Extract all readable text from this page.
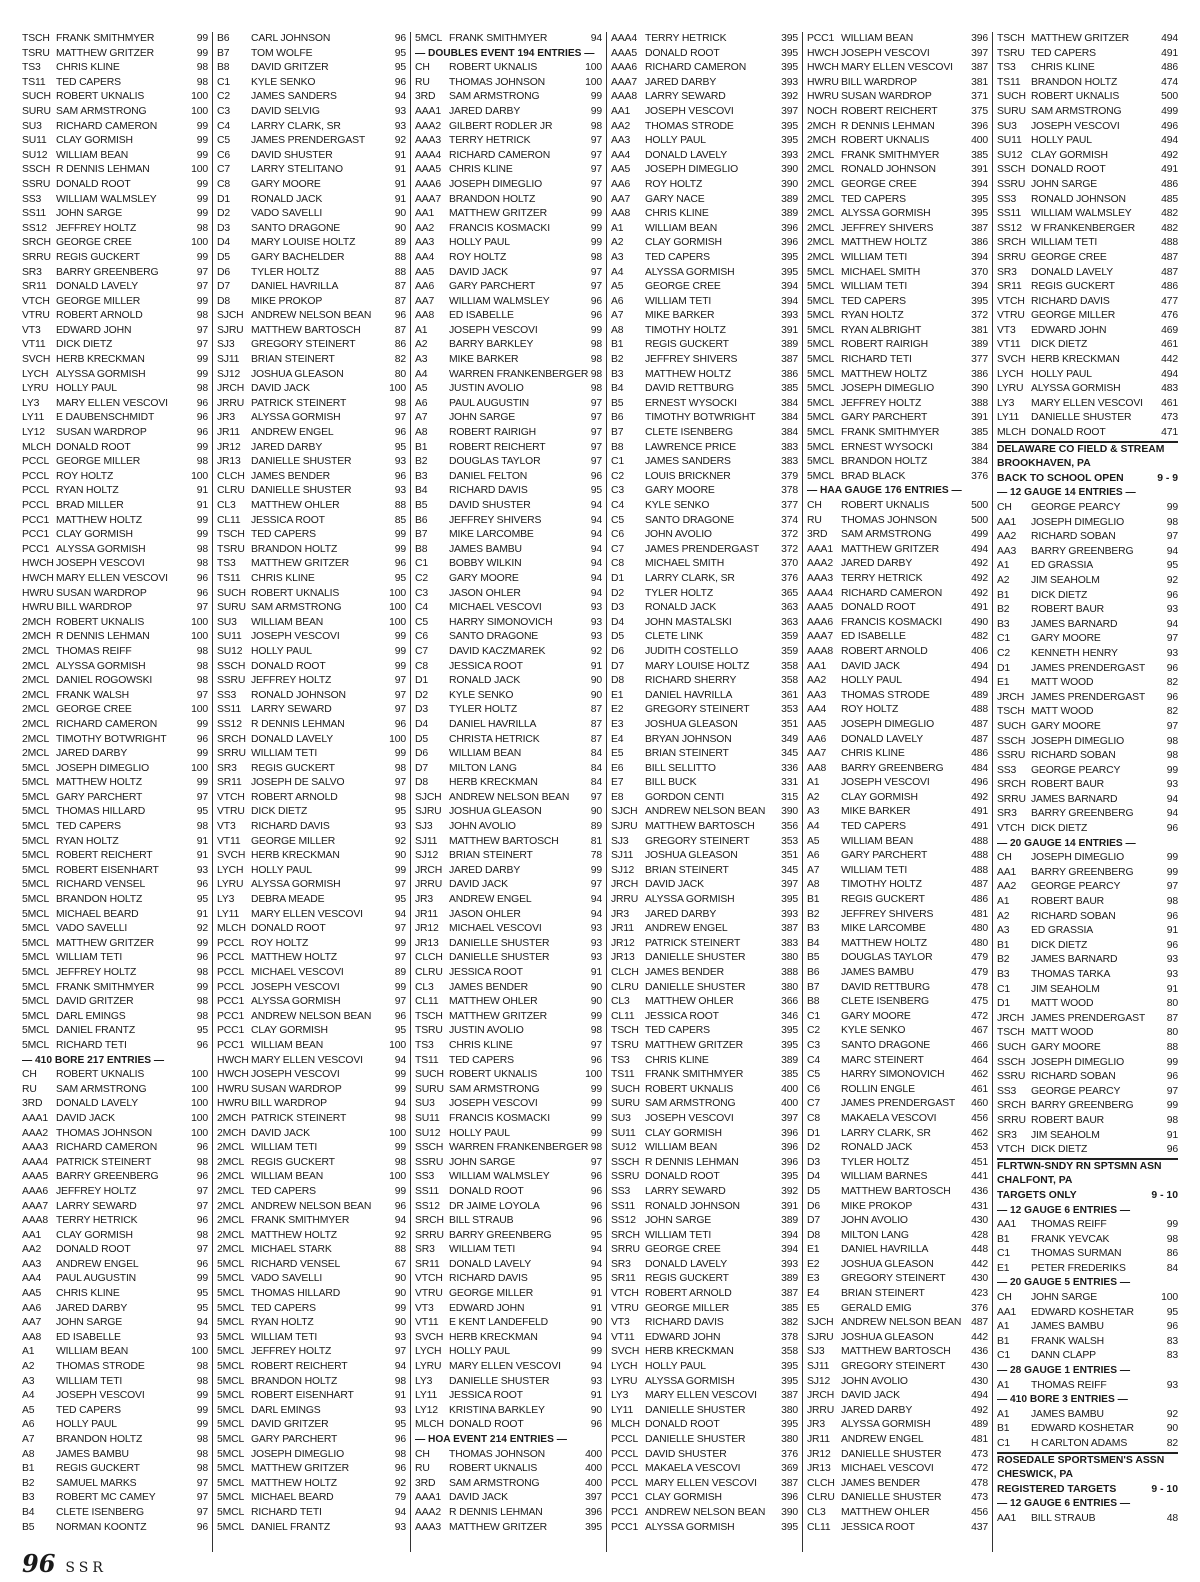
TSCH FRANK SMITHMYER	99
TSRU MATTHEW GRITZER	99
TS3	CHRIS KLINE	98
TS11	TED CAPERS	98
SUCH ROBERT UKNALIS	100
SURU SAM ARMSTRONG	100
SU3	RICHARD CAMERON	99
SU11 CLAY GORMISH	99
SU12 WILLIAM BEAN	99
SSCH R DENNIS LEHMAN	100
SSRU DONALD ROOT	99
SS3	WILLIAM WALMSLEY	99
SS11 JOHN SARGE	99
SS12 JEFFREY HOLTZ	98
SRCH GEORGE CREE	100
SRRU REGIS GUCKERT	99
SR3	BARRY GREENBERG	97
SR11 DONALD LAVELY	97
VTCH GEORGE MILLER	99
VTRU ROBERT ARNOLD	98
VT3	EDWARD JOHN	97
VT11	DICK DIETZ	97
SVCH HERB KRECKMAN	99
LYCH ALYSSA GORMISH	99
LYRU HOLLY PAUL	98
LY3	MARY ELLEN VESCOVI	96
LY11	E DAUBENSCHMIDT	96
LY12	SUSAN WARDROP	96
MLCH DONALD ROOT	99
PCCL GEORGE MILLER	98
PCCL ROY HOLTZ	100
PCCL RYAN HOLTZ	91
PCCL BRAD MILLER	91
PCC1 MATTHEW HOLTZ	99
PCC1 CLAY GORMISH	99
PCC1 ALYSSA GORMISH	98
HWCH JOSEPH VESCOVI	98
HWCH MARY ELLEN VESCOVI	96
HWRU SUSAN WARDROP	96
HWRU BILL WARDROP	97
2MCH ROBERT UKNALIS	100
2MCH R DENNIS LEHMAN	100
2MCL THOMAS REIFF	98
2MCL ALYSSA GORMISH	98
2MCL DANIEL ROGOWSKI	98
2MCL FRANK WALSH	97
2MCL GEORGE CREE	100
2MCL RICHARD CAMERON	99
2MCL TIMOTHY BOTWRIGHT	96
2MCL JARED DARBY	99
5MCL JOSEPH DIMEGLIO	100
5MCL MATTHEW HOLTZ	99
5MCL GARY PARCHERT	97
5MCL THOMAS HILLARD	95
5MCL TED CAPERS	98
5MCL RYAN HOLTZ	91
5MCL ROBERT REICHERT	91
5MCL ROBERT EISENHART	93
5MCL RICHARD VENSEL	96
5MCL BRANDON HOLTZ	95
5MCL MICHAEL BEARD	91
5MCL VADO SAVELLI	92
5MCL MATTHEW GRITZER	99
5MCL WILLIAM TETI	96
5MCL JEFFREY HOLTZ	98
5MCL FRANK SMITHMYER	99
5MCL DAVID GRITZER	98
5MCL DARL EMINGS	98
5MCL DANIEL FRANTZ	95
5MCL RICHARD TETI	96
— 410 BORE 217 ENTRIES —
CH	ROBERT UKNALIS	100
RU	SAM ARMSTRONG	100
3RD	DONALD LAVELY	100
AAA1 DAVID JACK	100
AAA2 THOMAS JOHNSON	100
AAA3 RICHARD CAMERON	96
AAA4 PATRICK STEINERT	98
AAA5 BARRY GREENBERG	96
AAA6 JEFFREY HOLTZ	97
AAA7 LARRY SEWARD	97
AAA8 TERRY HETRICK	96
AA1	CLAY GORMISH	98
AA2	DONALD ROOT	97
AA3	ANDREW ENGEL	96
AA4	PAUL AUGUSTIN	99
AA5	CHRIS KLINE	95
AA6	JARED DARBY	95
AA7	JOHN SARGE	94
AA8	ED ISABELLE	93
A1	WILLIAM BEAN	100
A2	THOMAS STRODE	98
A3	WILLIAM TETI	98
A4	JOSEPH VESCOVI	99
A5	TED CAPERS	99
A6	HOLLY PAUL	99
A7	BRANDON HOLTZ	98
A8	JAMES BAMBU	98
B1	REGIS GUCKERT	98
B2	SAMUEL MARKS	97
B3	ROBERT MC CAMEY	97
B4	CLETE ISENBERG	97
B5	NORMAN KOONTZ	96
B6	CARL JOHNSON	96
B7	TOM WOLFE	95
B8	DAVID GRITZER	95
C1	KYLE SENKO	96
C2	JAMES SANDERS	94
C3	DAVID SELVIG	93
C4	LARRY CLARK, SR	93
C5	JAMES PRENDERGAST	92
C6	DAVID SHUSTER	91
C7	LARRY STELITANO	91
C8	GARY MOORE	91
D1	RONALD JACK	91
D2	VADO SAVELLI	90
D3	SANTO DRAGONE	90
D4	MARY LOUISE HOLTZ	89
D5	GARY BACHELDER	88
D6	TYLER HOLTZ	88
D7	DANIEL HAVRILLA	87
D8	MIKE PROKOP	87
SJCH ANDREW NELSON BEAN	96
SJRU MATTHEW BARTOSCH	87
SJ3	GREGORY STEINERT	86
SJ11	BRIAN STEINERT	82
SJ12	JOSHUA GLEASON	80
JRCH DAVID JACK	100
JRRU PATRICK STEINERT	98
JR3	ALYSSA GORMISH	97
JR11	ANDREW ENGEL	96
JR12 JARED DARBY	95
JR13 DANIELLE SHUSTER	93
CLCH JAMES BENDER	96
CLRU DANIELLE SHUSTER	93
CL3	MATTHEW OHLER	88
CL11	JESSICA ROOT	85
TSCH TED CAPERS	99
TSRU BRANDON HOLTZ	99
TS3	MATTHEW GRITZER	96
TS11	CHRIS KLINE	95
SUCH ROBERT UKNALIS	100
SURU SAM ARMSTRONG	100
SU3	WILLIAM BEAN	100
SU11 JOSEPH VESCOVI	99
SU12 HOLLY PAUL	99
SSCH DONALD ROOT	99
SSRU JEFFREY HOLTZ	97
SS3	RONALD JOHNSON	97
SS11 LARRY SEWARD	97
SS12 R DENNIS LEHMAN	96
SRCH DONALD LAVELY	100
SRRU WILLIAM TETI	99
SR3	REGIS GUCKERT	98
SR11 JOSEPH DE SALVO	97
VTCH ROBERT ARNOLD	98
VTRU DICK DIETZ	95
VT3	RICHARD DAVIS	93
VT11	GEORGE MILLER	92
SVCH HERB KRECKMAN	90
LYCH HOLLY PAUL	99
LYRU ALYSSA GORMISH	97
LY3	DEBRA MEADE	95
LY11	MARY ELLEN VESCOVI	94
MLCH DONALD ROOT	97
PCCL ROY HOLTZ	99
PCCL MATTHEW HOLTZ	97
PCCL MICHAEL VESCOVI	89
PCCL JOSEPH VESCOVI	99
PCC1 ALYSSA GORMISH	97
PCC1 ANDREW NELSON BEAN	96
PCC1 CLAY GORMISH	95
PCC1 WILLIAM BEAN	100
HWCH MARY ELLEN VESCOVI	94
HWCH JOSEPH VESCOVI	99
HWRU SUSAN WARDROP	99
HWRU BILL WARDROP	94
2MCH PATRICK STEINERT	98
2MCH DAVID JACK	100
2MCL WILLIAM TETI	99
2MCL REGIS GUCKERT	98
2MCL WILLIAM BEAN	100
2MCL TED CAPERS	99
2MCL ANDREW NELSON BEAN	96
2MCL FRANK SMITHMYER	94
2MCL MATTHEW HOLTZ	92
2MCL MICHAEL STARK	88
5MCL RICHARD VENSEL	67
5MCL VADO SAVELLI	90
5MCL THOMAS HILLARD	90
5MCL TED CAPERS	99
5MCL RYAN HOLTZ	90
5MCL WILLIAM TETI	93
5MCL JEFFREY HOLTZ	97
5MCL ROBERT REICHERT	94
5MCL BRANDON HOLTZ	98
5MCL ROBERT EISENHART	91
5MCL DARL EMINGS	93
5MCL DAVID GRITZER	95
5MCL GARY PARCHERT	96
5MCL JOSEPH DIMEGLIO	98
5MCL MATTHEW GRITZER	96
5MCL MATTHEW HOLTZ	92
5MCL MICHAEL BEARD	79
5MCL RICHARD TETI	94
5MCL DANIEL FRANTZ	93
5MCL FRANK SMITHMYER	94
— DOUBLES EVENT 194 ENTRIES —
CH	ROBERT UKNALIS	100
RU	THOMAS JOHNSON	100
3RD	SAM ARMSTRONG	99
AAA1 JARED DARBY	99
AAA2 GILBERT RODLER JR	98
AAA3 TERRY HETRICK	97
AAA4 RICHARD CAMERON	97
AAA5 CHRIS KLINE	97
AAA6 JOSEPH DIMEGLIO	97
AAA7 BRANDON HOLTZ	90
AA1	MATTHEW GRITZER	99
AA2	FRANCIS KOSMACKI	99
AA3	HOLLY PAUL	99
AA4	ROY HOLTZ	98
AA5	DAVID JACK	97
AA6	GARY PARCHERT	97
AA7	WILLIAM WALMSLEY	96
AA8	ED ISABELLE	96
A1	JOSEPH VESCOVI	99
A2	BARRY BARKLEY	98
A3	MIKE BARKER	98
A4	WARREN FRANKENBERGER 98
A5	JUSTIN AVOLIO	98
A6	PAUL AUGUSTIN	97
A7	JOHN SARGE	97
A8	ROBERT RAIRIGH	97
B1	ROBERT REICHERT	97
B2	DOUGLAS TAYLOR	97
B3	DANIEL FELTON	96
B4	RICHARD DAVIS	95
B5	DAVID SHUSTER	94
B6	JEFFREY SHIVERS	94
B7	MIKE LARCOMBE	94
B8	JAMES BAMBU	94
C1	BOBBY WILKIN	94
C2	GARY MOORE	94
C3	JASON OHLER	94
C4	MICHAEL VESCOVI	93
C5	HARRY SIMONOVICH	93
C6	SANTO DRAGONE	93
C7	DAVID KACZMAREK	92
C8	JESSICA ROOT	91
D1	RONALD JACK	90
D2	KYLE SENKO	90
D3	TYLER HOLTZ	87
D4	DANIEL HAVRILLA	87
D5	CHRISTA HETRICK	87
D6	WILLIAM BEAN	84
D7	MILTON LANG	84
D8	HERB KRECKMAN	84
SJCH ANDREW NELSON BEAN	97
SJRU JOSHUA GLEASON	90
SJ3	JOHN AVOLIO	89
SJ11	MATTHEW BARTOSCH	81
SJ12	BRIAN STEINERT	78
JRCH JARED DARBY	99
JRRU DAVID JACK	97
JR3	ANDREW ENGEL	94
JR11	JASON OHLER	94
JR12 MICHAEL VESCOVI	93
JR13 DANIELLE SHUSTER	93
CLCH DANIELLE SHUSTER	93
CLRU JESSICA ROOT	91
CL3	JAMES BENDER	90
CL11	MATTHEW OHLER	90
TSCH MATTHEW GRITZER	99
TSRU JUSTIN AVOLIO	98
TS3	CHRIS KLINE	97
TS11	TED CAPERS	96
SUCH ROBERT UKNALIS	100
SURU SAM ARMSTRONG	99
SU3	JOSEPH VESCOVI	99
SU11 FRANCIS KOSMACKI	99
SU12 HOLLY PAUL	99
SSCH WARREN FRANKENBERGER 98
SSRU JOHN SARGE	97
SS3	WILLIAM WALMSLEY	96
SS11 DONALD ROOT	96
SS12 DR JAIME LOYOLA	96
SRCH BILL STRAUB	96
SRRU BARRY GREENBERG	95
SR3	WILLIAM TETI	94
SR11 DONALD LAVELY	94
VTCH RICHARD DAVIS	95
VTRU GEORGE MILLER	91
VT3	EDWARD JOHN	91
VT11	E KENT LANDEFELD	90
SVCH HERB KRECKMAN	94
LYCH HOLLY PAUL	99
LYRU MARY ELLEN VESCOVI	94
LY3	DANIELLE SHUSTER	93
LY11	JESSICA ROOT	91
LY12	KRISTINA BARKLEY	90
MLCH DONALD ROOT	96
— HOA EVENT 214 ENTRIES —
CH	THOMAS JOHNSON	400
RU	ROBERT UKNALIS	400
3RD	SAM ARMSTRONG	400
AAA1 DAVID JACK	397
AAA2 R DENNIS LEHMAN	396
AAA3 MATTHEW GRITZER	395
AAA4 TERRY HETRICK	395
AAA5 DONALD ROOT	395
AAA6 RICHARD CAMERON	395
AAA7 JARED DARBY	393
AAA8 LARRY SEWARD	392
AA1	JOSEPH VESCOVI	397
AA2	THOMAS STRODE	395
AA3	HOLLY PAUL	395
AA4	DONALD LAVELY	393
AA5	JOSEPH DIMEGLIO	390
AA6	ROY HOLTZ	390
AA7	GARY NACE	389
AA8	CHRIS KLINE	389
A1	WILLIAM BEAN	396
A2	CLAY GORMISH	396
A3	TED CAPERS	395
A4	ALYSSA GORMISH	395
A5	GEORGE CREE	394
A6	WILLIAM TETI	394
A7	MIKE BARKER	393
A8	TIMOTHY HOLTZ	391
B1	REGIS GUCKERT	389
B2	JEFFREY SHIVERS	387
B3	MATTHEW HOLTZ	386
B4	DAVID RETTBURG	385
B5	ERNEST WYSOCKI	384
B6	TIMOTHY BOTWRIGHT	384
B7	CLETE ISENBERG	384
B8	LAWRENCE PRICE	383
C1	JAMES SANDERS	383
C2	LOUIS BRICKNER	379
C3	GARY MOORE	378
C4	KYLE SENKO	377
C5	SANTO DRAGONE	374
C6	JOHN AVOLIO	372
C7	JAMES PRENDERGAST	372
C8	MICHAEL SMITH	370
D1	LARRY CLARK, SR	376
D2	TYLER HOLTZ	365
D3	RONALD JACK	363
D4	JOHN MASTALSKI	363
D5	CLETE LINK	359
D6	JUDITH COSTELLO	359
D7	MARY LOUISE HOLTZ	358
D8	RICHARD SHERRY	358
E1	DANIEL HAVRILLA	361
E2	GREGORY STEINERT	353
E3	JOSHUA GLEASON	351
E4	BRYAN JOHNSON	349
E5	BRIAN STEINERT	345
E6	BILL SELLITTO	336
E7	BILL BUCK	331
E8	GORDON CENTI	315
SJCH ANDREW NELSON BEAN	390
SJRU MATTHEW BARTOSCH	356
SJ3	GREGORY STEINERT	353
SJ11	JOSHUA GLEASON	351
SJ12	BRIAN STEINERT	345
JRCH DAVID JACK	397
JRRU ALYSSA GORMISH	395
JR3	JARED DARBY	393
JR11	ANDREW ENGEL	387
JR12 PATRICK STEINERT	383
JR13 DANIELLE SHUSTER	380
CLCH JAMES BENDER	388
CLRU DANIELLE SHUSTER	380
CL3	MATTHEW OHLER	366
CL11	JESSICA ROOT	346
TSCH TED CAPERS	395
TSRU MATTHEW GRITZER	395
TS3	CHRIS KLINE	389
TS11	FRANK SMITHMYER	385
SUCH ROBERT UKNALIS	400
SURU SAM ARMSTRONG	400
SU3	JOSEPH VESCOVI	397
SU11 CLAY GORMISH	396
SU12 WILLIAM BEAN	396
SSCH R DENNIS LEHMAN	396
SSRU DONALD ROOT	395
SS3	LARRY SEWARD	392
SS11 RONALD JOHNSON	391
SS12 JOHN SARGE	389
SRCH WILLIAM TETI	394
SRRU GEORGE CREE	394
SR3	DONALD LAVELY	393
SR11 REGIS GUCKERT	389
VTCH ROBERT ARNOLD	387
VTRU GEORGE MILLER	385
VT3	RICHARD DAVIS	382
VT11	EDWARD JOHN	378
SVCH HERB KRECKMAN	358
LYCH HOLLY PAUL	395
LYRU ALYSSA GORMISH	395
LY3	MARY ELLEN VESCOVI	387
LY11	DANIELLE SHUSTER	380
MLCH DONALD ROOT	395
PCCL DANIELLE SHUSTER	380
PCCL DAVID SHUSTER	376
PCCL MAKAELA VESCOVI	369
PCCL MARY ELLEN VESCOVI	387
PCC1 CLAY GORMISH	396
PCC1 ANDREW NELSON BEAN	390
PCC1 ALYSSA GORMISH	395
PCC1 WILLIAM BEAN	396
HWCH JOSEPH VESCOVI	397
HWCH MARY ELLEN VESCOVI	387
HWRU BILL WARDROP	381
HWRU SUSAN WARDROP	371
NOCH ROBERT REICHERT	375
2MCH R DENNIS LEHMAN	396
2MCH ROBERT UKNALIS	400
2MCL FRANK SMITHMYER	385
2MCL RONALD JOHNSON	391
2MCL GEORGE CREE	394
2MCL TED CAPERS	395
2MCL ALYSSA GORMISH	395
2MCL JEFFREY SHIVERS	387
2MCL MATTHEW HOLTZ	386
2MCL WILLIAM TETI	394
5MCL MICHAEL SMITH	370
5MCL WILLIAM TETI	394
5MCL TED CAPERS	395
5MCL RYAN HOLTZ	372
5MCL RYAN ALBRIGHT	381
5MCL ROBERT RAIRIGH	389
5MCL RICHARD TETI	377
5MCL MATTHEW HOLTZ	386
5MCL JOSEPH DIMEGLIO	390
5MCL JEFFREY HOLTZ	388
5MCL GARY PARCHERT	391
5MCL FRANK SMITHMYER	385
5MCL ERNEST WYSOCKI	384
5MCL BRANDON HOLTZ	384
5MCL BRAD BLACK	376
— HAA GAUGE 176 ENTRIES —
CH	ROBERT UKNALIS	500
RU	THOMAS JOHNSON	500
3RD	SAM ARMSTRONG	499
AAA1 MATTHEW GRITZER	494
AAA2 JARED DARBY	492
AAA3 TERRY HETRICK	492
AAA4 RICHARD CAMERON	492
AAA5 DONALD ROOT	491
AAA6 FRANCIS KOSMACKI	490
AAA7 ED ISABELLE	482
AAA8 ROBERT ARNOLD	406
AA1	DAVID JACK	494
AA2	HOLLY PAUL	494
AA3	THOMAS STRODE	489
AA4	ROY HOLTZ	488
AA5	JOSEPH DIMEGLIO	487
AA6	DONALD LAVELY	487
AA7	CHRIS KLINE	486
AA8	BARRY GREENBERG	484
A1	JOSEPH VESCOVI	496
A2	CLAY GORMISH	492
A3	MIKE BARKER	491
A4	TED CAPERS	491
A5	WILLIAM BEAN	488
A6	GARY PARCHERT	488
A7	WILLIAM TETI	488
A8	TIMOTHY HOLTZ	487
B1	REGIS GUCKERT	486
B2	JEFFREY SHIVERS	481
B3	MIKE LARCOMBE	480
B4	MATTHEW HOLTZ	480
B5	DOUGLAS TAYLOR	479
B6	JAMES BAMBU	479
B7	DAVID RETTBURG	478
B8	CLETE ISENBERG	475
C1	GARY MOORE	472
C2	KYLE SENKO	467
C3	SANTO DRAGONE	466
C4	MARC STEINERT	464
C5	HARRY SIMONOVICH	462
C6	ROLLIN ENGLE	461
C7	JAMES PRENDERGAST	460
C8	MAKAELA VESCOVI	456
D1	LARRY CLARK, SR	462
D2	RONALD JACK	453
D3	TYLER HOLTZ	451
D4	WILLIAM BARNES	441
D5	MATTHEW BARTOSCH	436
D6	MIKE PROKOP	431
D7	JOHN AVOLIO	430
D8	MILTON LANG	428
E1	DANIEL HAVRILLA	448
E2	JOSHUA GLEASON	442
E3	GREGORY STEINERT	430
E4	BRIAN STEINERT	423
E5	GERALD EMIG	376
SJCH ANDREW NELSON BEAN 487
SJRU JOSHUA GLEASON	442
SJ3	MATTHEW BARTOSCH	436
SJ11	GREGORY STEINERT	430
SJ12	JOHN AVOLIO	430
JRCH DAVID JACK	494
JRRU JARED DARBY	492
JR3	ALYSSA GORMISH	489
JR11	ANDREW ENGEL	481
JR12 DANIELLE SHUSTER	473
JR13 MICHAEL VESCOVI	472
CLCH JAMES BENDER	478
CLRU DANIELLE SHUSTER	473
CL3	MATTHEW OHLER	456
CL11	JESSICA ROOT	437
TSCH MATTHEW GRITZER	494
TSRU TED CAPERS	491
TS3	CHRIS KLINE	486
TS11	BRANDON HOLTZ	474
SUCH ROBERT UKNALIS	500
SURU SAM ARMSTRONG	499
SU3	JOSEPH VESCOVI	496
SU11 HOLLY PAUL	494
SU12 CLAY GORMISH	492
SSCH DONALD ROOT	491
SSRU JOHN SARGE	486
SS3	RONALD JOHNSON	485
SS11 WILLIAM WALMSLEY	482
SS12 W FRANKENBERGER	482
SRCH WILLIAM TETI	488
SRRU GEORGE CREE	487
SR3	DONALD LAVELY	487
SR11 REGIS GUCKERT	486
VTCH RICHARD DAVIS	477
VTRU GEORGE MILLER	476
VT3	EDWARD JOHN	469
VT11	DICK DIETZ	461
SVCH HERB KRECKMAN	442
LYCH HOLLY PAUL	494
LYRU ALYSSA GORMISH	483
LY3	MARY ELLEN VESCOVI	461
LY11	DANIELLE SHUSTER	473
MLCH DONALD ROOT	471
DELAWARE CO FIELD & STREAM
BROOKHAVEN, PA
BACK TO SCHOOL OPEN	9 - 9
— 12 GAUGE 14 ENTRIES —
CH	GEORGE PEARCY	99
AA1	JOSEPH DIMEGLIO	98
AA2	RICHARD SOBAN	97
AA3	BARRY GREENBERG	94
A1	ED GRASSIA	95
A2	JIM SEAHOLM	92
B1	DICK DIETZ	96
B2	ROBERT BAUR	93
B3	JAMES BARNARD	94
C1	GARY MOORE	97
C2	KENNETH HENRY	93
D1	JAMES PRENDERGAST	96
E1	MATT WOOD	82
JRCH JAMES PRENDERGAST	96
TSCH MATT WOOD	82
SUCH GARY MOORE	97
SSCH JOSEPH DIMEGLIO	98
SSRU RICHARD SOBAN	98
SS3	GEORGE PEARCY	99
SRCH ROBERT BAUR	93
SRRU JAMES BARNARD	94
SR3	BARRY GREENBERG	94
VTCH DICK DIETZ	96
— 20 GAUGE 14 ENTRIES —
CH	JOSEPH DIMEGLIO	99
AA1	BARRY GREENBERG	99
AA2	GEORGE PEARCY	97
A1	ROBERT BAUR	98
A2	RICHARD SOBAN	96
A3	ED GRASSIA	91
B1	DICK DIETZ	96
B2	JAMES BARNARD	93
B3	THOMAS TARKA	93
C1	JIM SEAHOLM	91
D1	MATT WOOD	80
JRCH JAMES PRENDERGAST	87
TSCH MATT WOOD	80
SUCH GARY MOORE	88
SSCH JOSEPH DIMEGLIO	99
SSRU RICHARD SOBAN	96
SS3	GEORGE PEARCY	97
SRCH BARRY GREENBERG	99
SRRU ROBERT BAUR	98
SR3	JIM SEAHOLM	91
VTCH DICK DIETZ	96
FLRTWN-SNDY RN SPTSMN ASN
CHALFONT, PA
TARGETS ONLY	9 - 10
— 12 GAUGE 6 ENTRIES —
AA1	THOMAS REIFF	99
B1	FRANK YEVCAK	98
C1	THOMAS SURMAN	86
E1	PETER FREDERIKS	84
— 20 GAUGE 5 ENTRIES —
CH	JOHN SARGE	100
AA1	EDWARD KOSHETAR	95
A1	JAMES BAMBU	96
B1	FRANK WALSH	83
C1	DANN CLAPP	83
— 28 GAUGE 1 ENTRIES —
A1	THOMAS REIFF	93
— 410 BORE 3 ENTRIES —
A1	JAMES BAMBU	92
B1	EDWARD KOSHETAR	90
C1	H CARLTON ADAMS	82
ROSEDALE SPORTSMEN'S ASSN
CHESWICK, PA
REGISTERED TARGETS	9 - 10
— 12 GAUGE 6 ENTRIES —
AA1	BILL STRAUB	48
96 SSR
